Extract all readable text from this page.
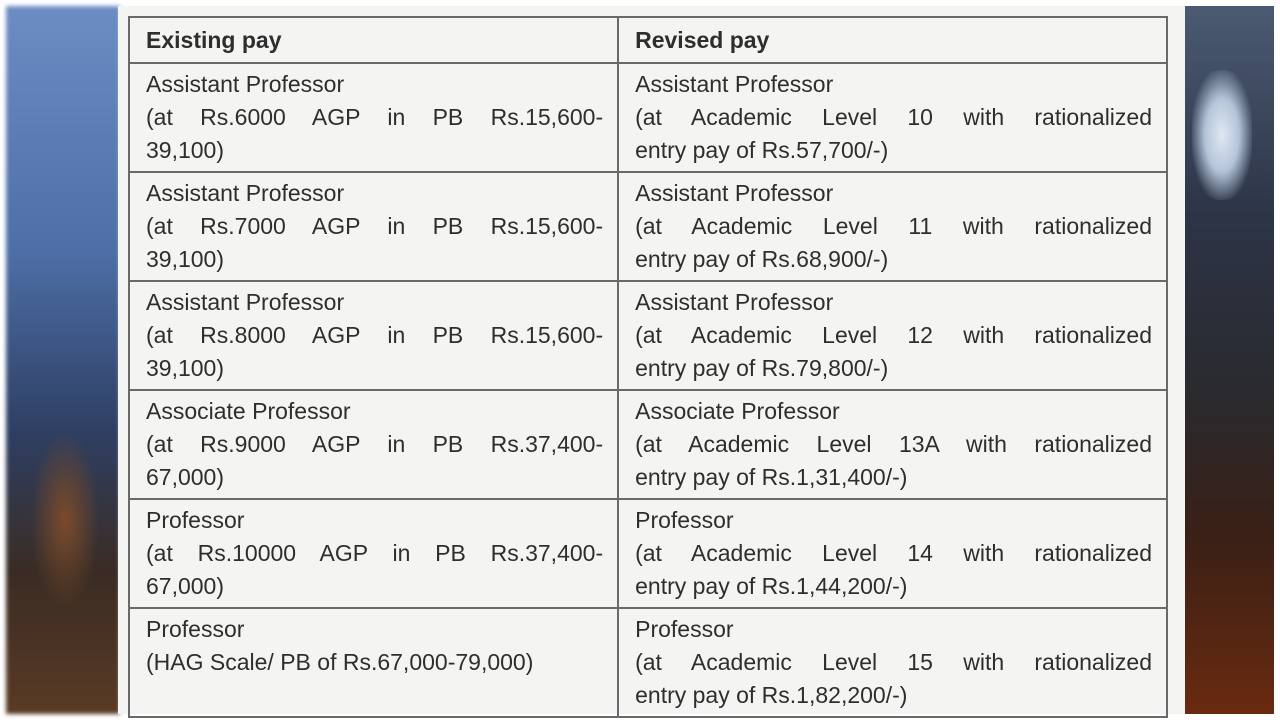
Existing pay	Revised pay

Assistant Professor
(at Rs.6000 AGP in PB Rs.15,600-
39,100)	Assistant Professor
(at Academic Level 10 with rationalized
entry pay of Rs.57,700/-)

Assistant Professor
(at Rs.7000 AGP in PB Rs.15,600-
39,100)	Assistant Professor
(at Academic Level 11 with rationalized
entry pay of Rs.68,900/-)

Assistant Professor
(at Rs.8000 AGP in PB Rs.15,600-
39,100)	Assistant Professor
(at Academic Level 12 with rationalized
entry pay of Rs.79,800/-)

Associate Professor
(at Rs.9000 AGP in PB Rs.37,400-
67,000)	Associate Professor
(at Academic Level 13A with rationalized
entry pay of Rs.1,31,400/-)

Professor
(at Rs.10000 AGP in PB Rs.37,400-
67,000)	Professor
(at Academic Level 14 with rationalized
entry pay of Rs.1,44,200/-)

Professor
(HAG Scale/ PB of Rs.67,000-79,000)	Professor
(at Academic Level 15 with rationalized
entry pay of Rs.1,82,200/-)
